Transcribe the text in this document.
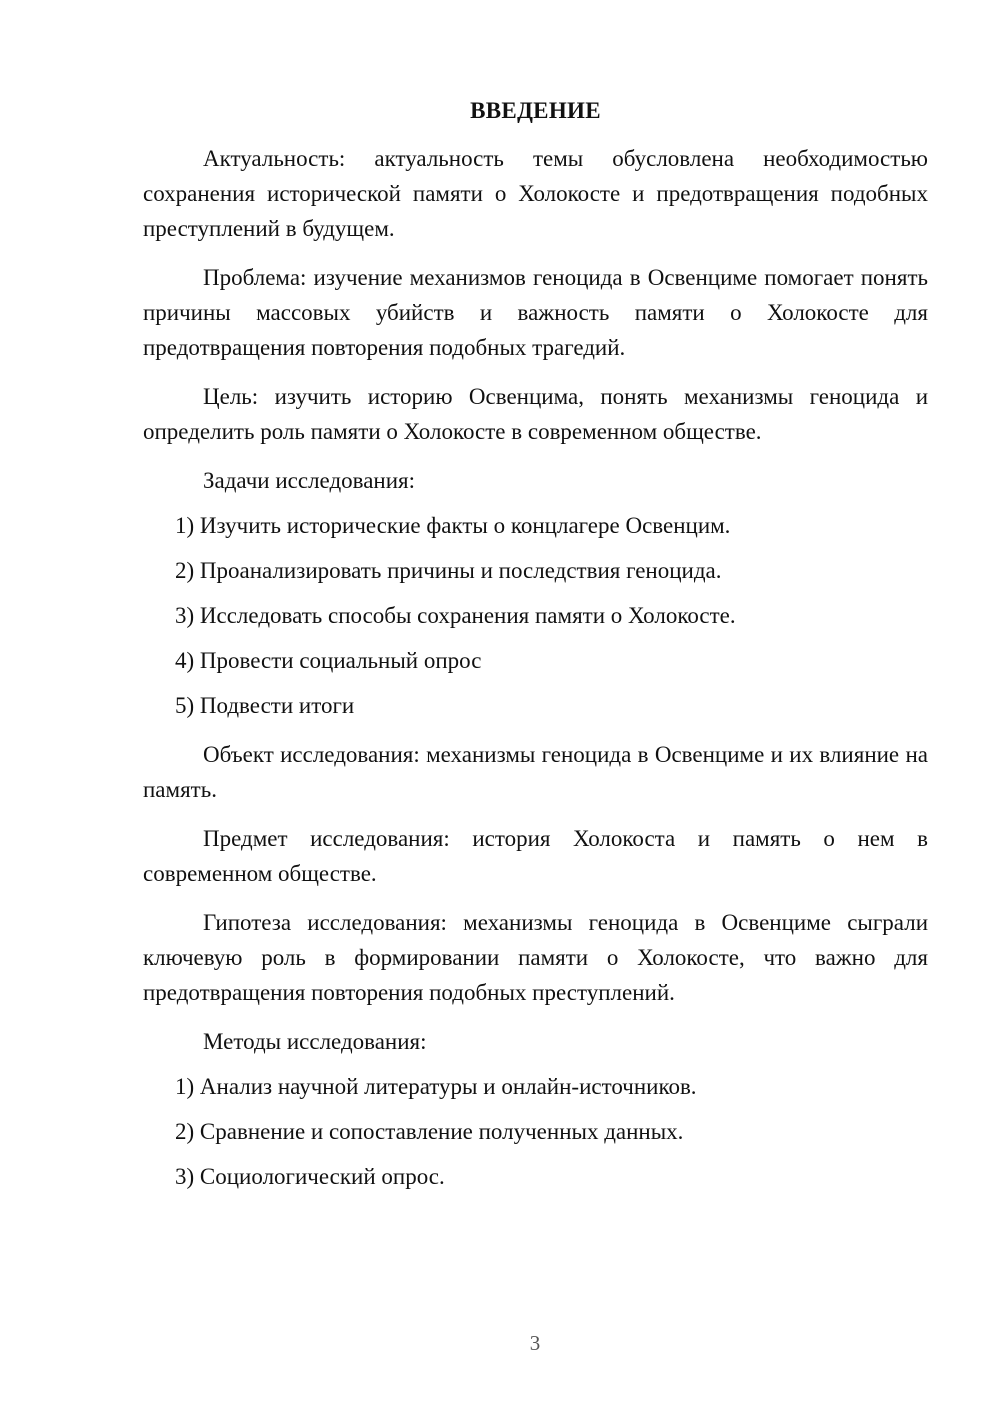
ВВЕДЕНИЕ

Актуальность: актуальность темы обусловлена необходимостью сохранения исторической памяти о Холокосте и предотвращения подобных преступлений в будущем.

Проблема: изучение механизмов геноцида в Освенциме помогает понять причины массовых убийств и важность памяти о Холокосте для предотвращения повторения подобных трагедий.

Цель: изучить историю Освенцима, понять механизмы геноцида и определить роль памяти о Холокосте в современном обществе.

Задачи исследования:

1) Изучить исторические факты о концлагере Освенцим.
2) Проанализировать причины и последствия геноцида.
3) Исследовать способы сохранения памяти о Холокосте.
4) Провести социальный опрос
5) Подвести итоги

Объект исследования: механизмы геноцида в Освенциме и их влияние на память.

Предмет исследования: история Холокоста и память о нем в современном обществе.

Гипотеза исследования: механизмы геноцида в Освенциме сыграли ключевую роль в формировании памяти о Холокосте, что важно для предотвращения повторения подобных преступлений.

Методы исследования:

1) Анализ научной литературы и онлайн-источников.
2) Сравнение и сопоставление полученных данных.
3) Социологический опрос.
3
